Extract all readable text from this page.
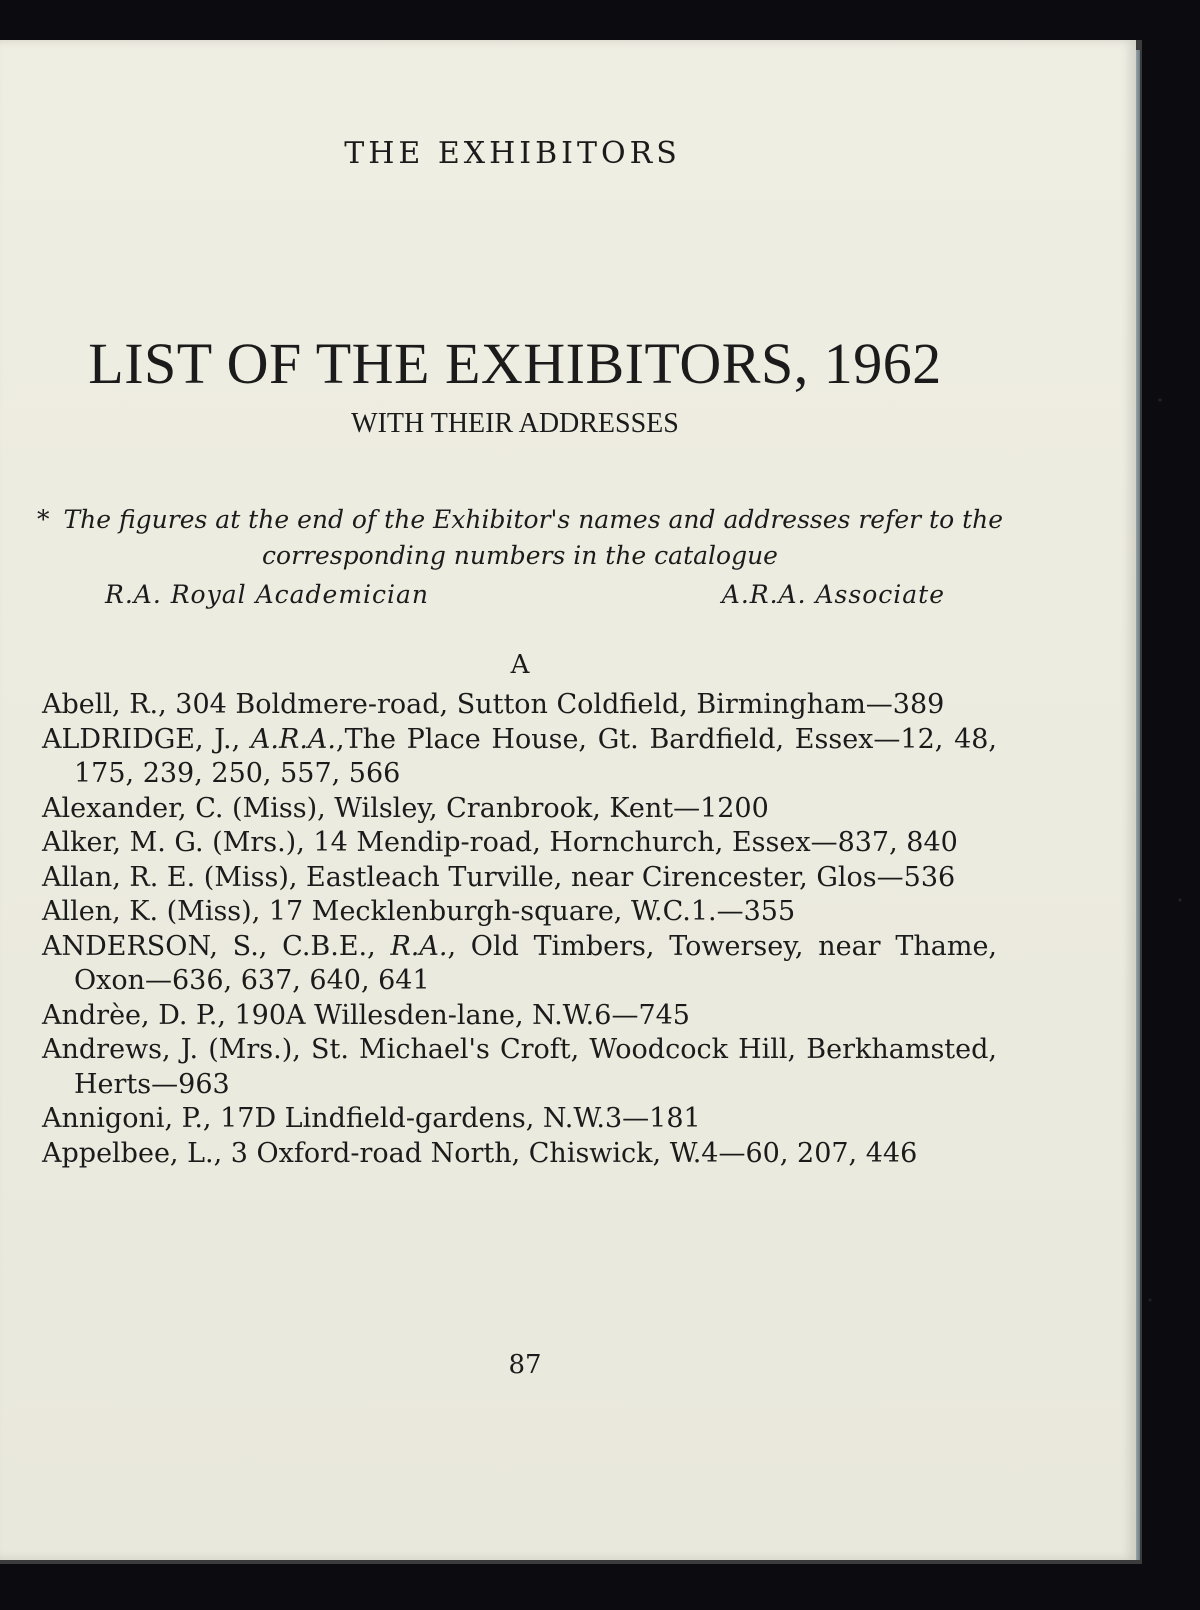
THE EXHIBITORS
LIST OF THE EXHIBITORS, 1962
WITH THEIR ADDRESSES
* The figures at the end of the Exhibitor's names and addresses refer to the corresponding numbers in the catalogue
R.A. Royal Academician	A.R.A. Associate
A
Abell, R., 304 Boldmere-road, Sutton Coldfield, Birmingham—389
ALDRIDGE, J., A.R.A.,The Place House, Gt. Bardfield, Essex—12, 48, 175, 239, 250, 557, 566
Alexander, C. (Miss), Wilsley, Cranbrook, Kent—1200
Alker, M. G. (Mrs.), 14 Mendip-road, Hornchurch, Essex—837, 840
Allan, R. E. (Miss), Eastleach Turville, near Cirencester, Glos—536
Allen, K. (Miss), 17 Mecklenburgh-square, W.C.1.—355
ANDERSON, S., C.B.E., R.A., Old Timbers, Towersey, near Thame, Oxon—636, 637, 640, 641
Andrèe, D. P., 190A Willesden-lane, N.W.6—745
Andrews, J. (Mrs.), St. Michael's Croft, Woodcock Hill, Berkhamsted, Herts—963
Annigoni, P., 17D Lindfield-gardens, N.W.3—181
Appelbee, L., 3 Oxford-road North, Chiswick, W.4—60, 207, 446
87
